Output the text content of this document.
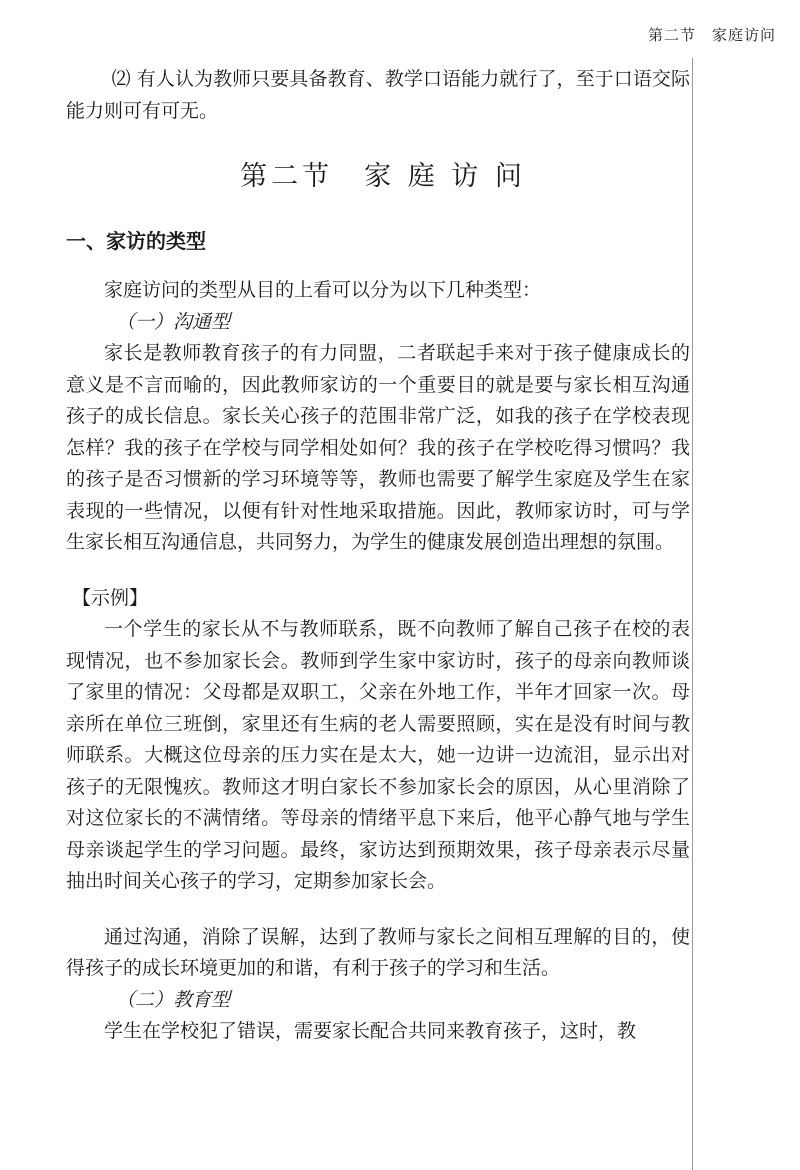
第二节　家庭访问

⑵ 有人认为教师只要具备教育、教学口语能力就行了，至于口语交际能力则可有可无。

第二节　家 庭 访 问
一、家访的类型

家庭访问的类型从目的上看可以分为以下几种类型：

（一）沟通型

家长是教师教育孩子的有力同盟，二者联起手来对于孩子健康成长的意义是不言而喻的，因此教师家访的一个重要目的就是要与家长相互沟通孩子的成长信息。家长关心孩子的范围非常广泛，如我的孩子在学校表现怎样？我的孩子在学校与同学相处如何？我的孩子在学校吃得习惯吗？我的孩子是否习惯新的学习环境等等，教师也需要了解学生家庭及学生在家表现的一些情况，以便有针对性地采取措施。因此，教师家访时，可与学生家长相互沟通信息，共同努力，为学生的健康发展创造出理想的氛围。

【示例】

一个学生的家长从不与教师联系，既不向教师了解自己孩子在校的表现情况，也不参加家长会。教师到学生家中家访时，孩子的母亲向教师谈了家里的情况：父母都是双职工，父亲在外地工作，半年才回家一次。母亲所在单位三班倒，家里还有生病的老人需要照顾，实在是没有时间与教师联系。大概这位母亲的压力实在是太大，她一边讲一边流泪，显示出对孩子的无限愧疚。教师这才明白家长不参加家长会的原因，从心里消除了对这位家长的不满情绪。等母亲的情绪平息下来后，他平心静气地与学生母亲谈起学生的学习问题。最终，家访达到预期效果，孩子母亲表示尽量抽出时间关心孩子的学习，定期参加家长会。

通过沟通，消除了误解，达到了教师与家长之间相互理解的目的，使得孩子的成长环境更加的和谐，有利于孩子的学习和生活。

（二）教育型

学生在学校犯了错误，需要家长配合共同来教育孩子，这时，教
